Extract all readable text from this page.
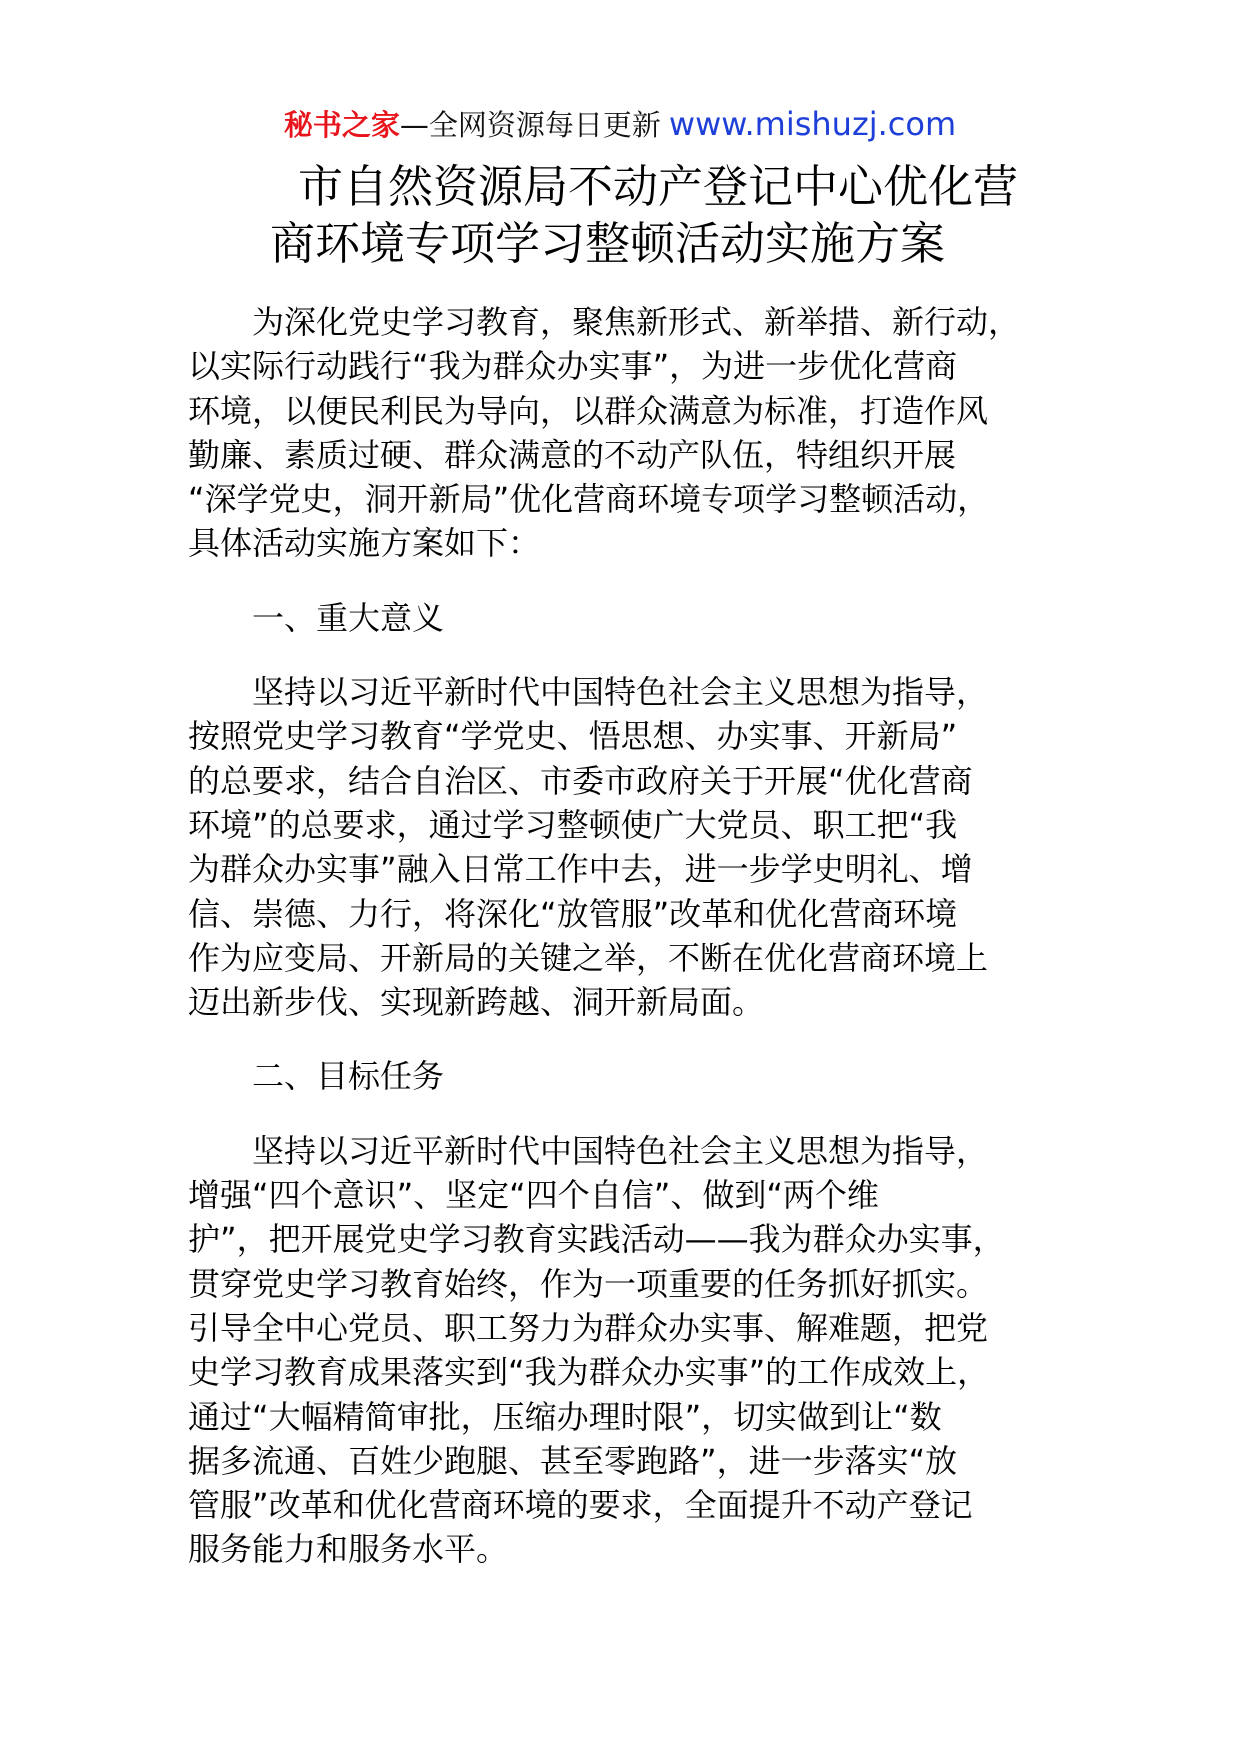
秘书之家—全网资源每日更新 www.mishuzj.com
市自然资源局不动产登记中心优化营
商环境专项学习整顿活动实施方案
为深化党史学习教育，聚焦新形式、新举措、新行动，
以实际行动践行“我为群众办实事”，为进一步优化营商
环境，以便民利民为导向，以群众满意为标准，打造作风
勤廉、素质过硬、群众满意的不动产队伍，特组织开展
“深学党史，洞开新局”优化营商环境专项学习整顿活动，
具体活动实施方案如下：
一、重大意义
坚持以习近平新时代中国特色社会主义思想为指导，
按照党史学习教育“学党史、悟思想、办实事、开新局”
的总要求，结合自治区、市委市政府关于开展“优化营商
环境”的总要求，通过学习整顿使广大党员、职工把“我
为群众办实事”融入日常工作中去，进一步学史明礼、增
信、崇德、力行，将深化“放管服”改革和优化营商环境
作为应变局、开新局的关键之举，不断在优化营商环境上
迈出新步伐、实现新跨越、洞开新局面。
二、目标任务
坚持以习近平新时代中国特色社会主义思想为指导，
增强“四个意识”、坚定“四个自信”、做到“两个维
护”，把开展党史学习教育实践活动——我为群众办实事，
贯穿党史学习教育始终，作为一项重要的任务抓好抓实。
引导全中心党员、职工努力为群众办实事、解难题，把党
史学习教育成果落实到“我为群众办实事”的工作成效上，
通过“大幅精简审批，压缩办理时限”，切实做到让“数
据多流通、百姓少跑腿、甚至零跑路”，进一步落实“放
管服”改革和优化营商环境的要求，全面提升不动产登记
服务能力和服务水平。
